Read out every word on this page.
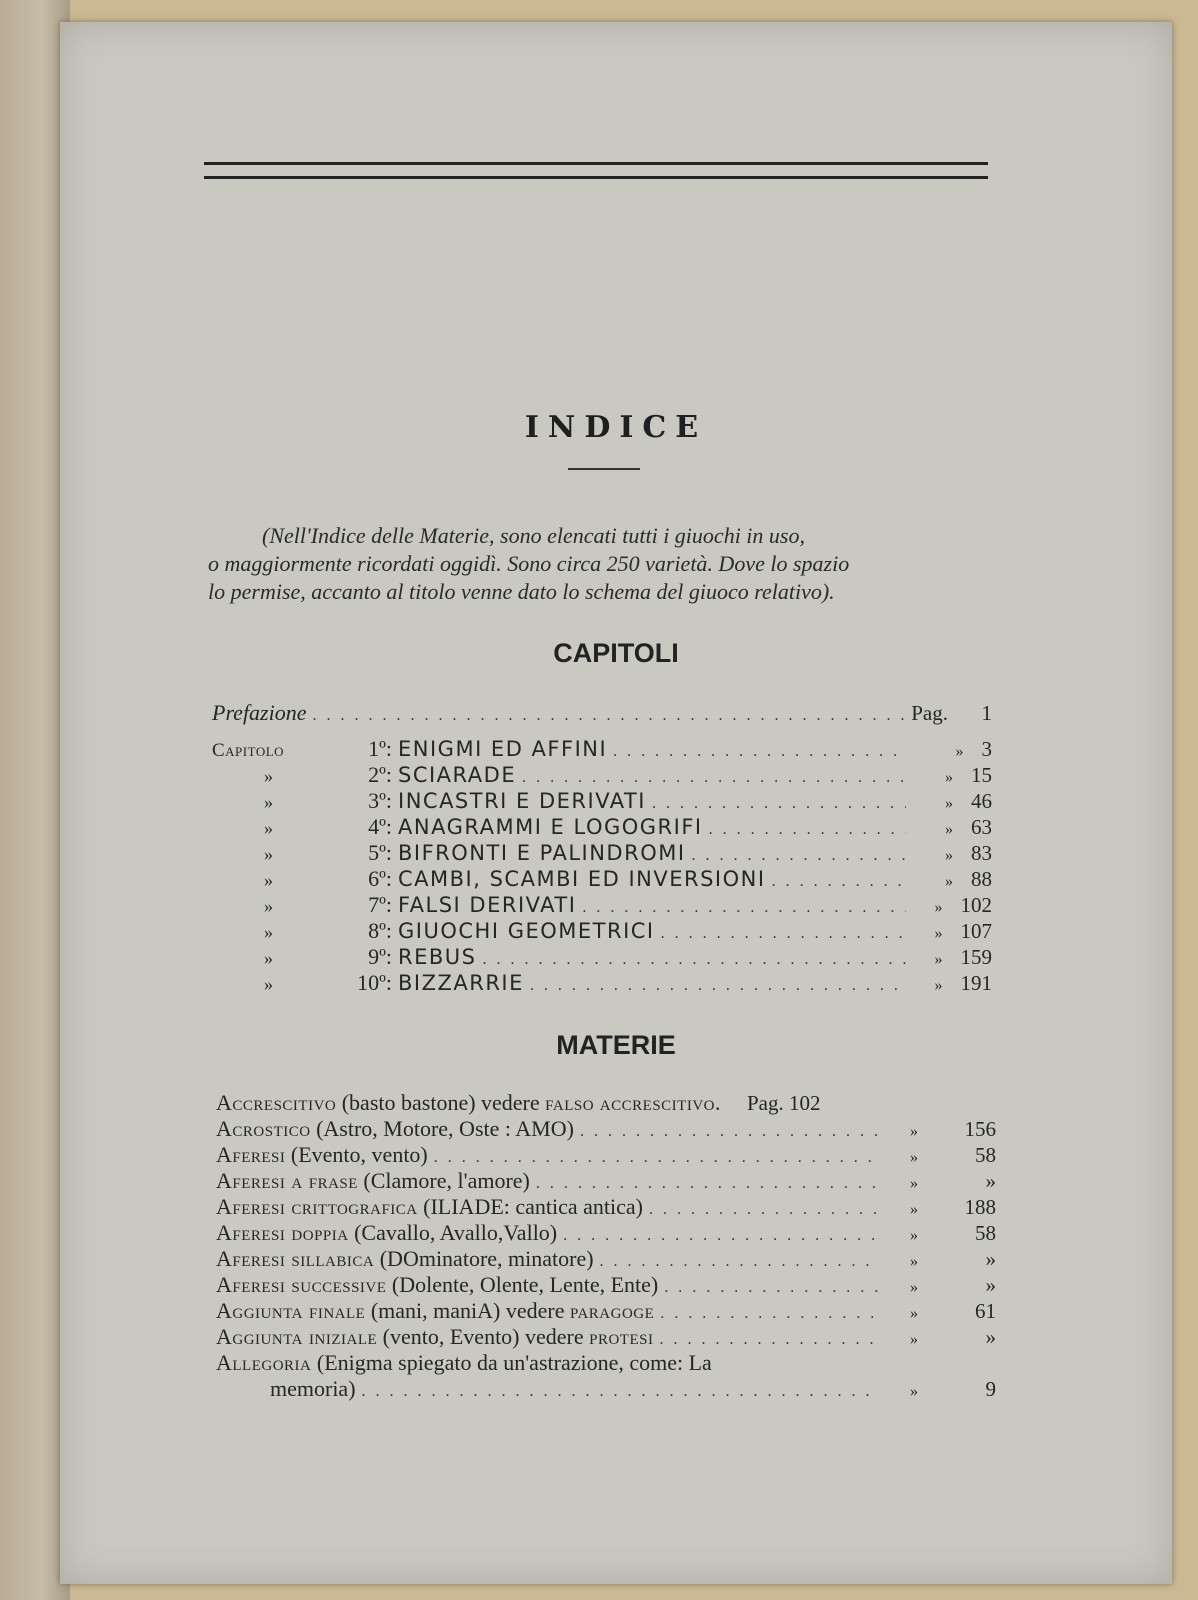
INDICE
(Nell'Indice delle Materie, sono elencati tutti i giuochi in uso,
o maggiormente ricordati oggidì. Sono circa 250 varietà. Dove lo spazio
lo permise, accanto al titolo venne dato lo schema del giuoco relativo).
CAPITOLI
Prefazione . . .	Pag. 1
Capitolo	1º: ENIGMI ED AFFINI . . .	» 3
»	2º: SCIARADE . . .	» 15
»	3º: INCASTRI E DERIVATI . . .	» 46
»	4º: ANAGRAMMI E LOGOGRIFI . . .	» 63
»	5º: BIFRONTI E PALINDROMI . . .	» 83
»	6º: CAMBI, SCAMBI ED INVERSIONI . . .	» 88
»	7º: FALSI DERIVATI . . .	» 102
»	8º: GIUOCHI GEOMETRICI . . .	» 107
»	9º: REBUS . . .	» 159
»	10º: BIZZARRIE . . .	» 191
MATERIE
Accrescitivo (basto bastone) vedere falso accrescitivo.	Pag. 102
Acrostico (Astro, Motore, Oste : AMO) . . .	» 156
Aferesi (Evento, vento) . . .	»	58
Aferesi a frase (Clamore, l'amore) . . .	»	»
Aferesi crittografica (ILIADE: cantica antica) . . .	» 188
Aferesi doppia (Cavallo, Avallo,Vallo) . . .	»	58
Aferesi sillabica (DOminatore, minatore) . . .	»	»
Aferesi successive (Dolente, Olente, Lente, Ente) . . .	»	»
Aggiunta finale (mani, maniA) vedere paragoge . . .	»	61
Aggiunta iniziale (vento, Evento) vedere protesi . . .	»	»
Allegoria (Enigma spiegato da un'astrazione, come: La
memoria) . . .	»	9
